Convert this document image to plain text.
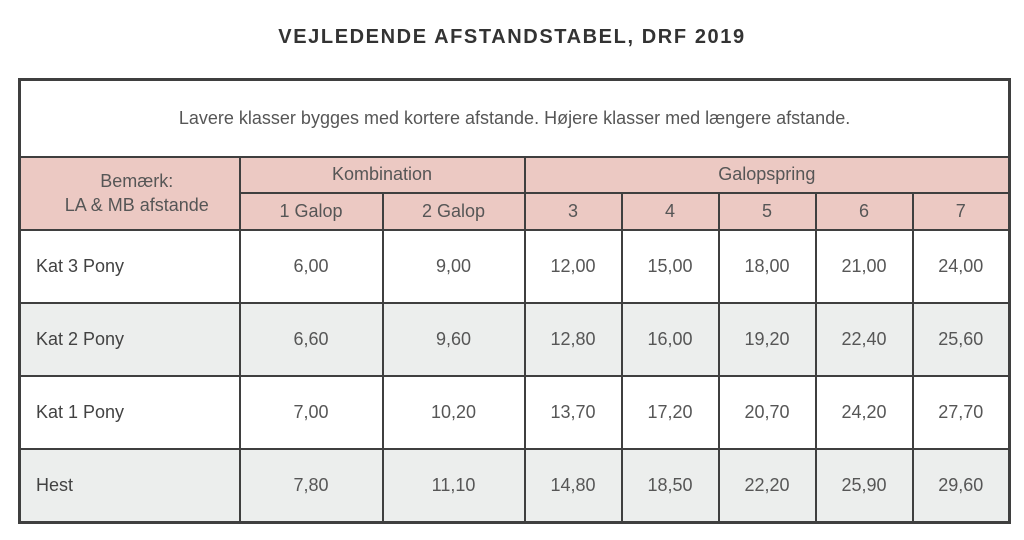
VEJLEDENDE AFSTANDSTABEL, DRF 2019
Lavere klasser bygges med kortere afstande. Højere klasser med længere afstande.							

Bemærk:
LA & MB afstande	Kombination		Galopspring				
	1 Galop	2 Galop	3	4	5	6	7
Kat 3 Pony	6,00	9,00	12,00	15,00	18,00	21,00	24,00
Kat 2 Pony	6,60	9,60	12,80	16,00	19,20	22,40	25,60
Kat 1 Pony	7,00	10,20	13,70	17,20	20,70	24,20	27,70
Hest	7,80	11,10	14,80	18,50	22,20	25,90	29,60
